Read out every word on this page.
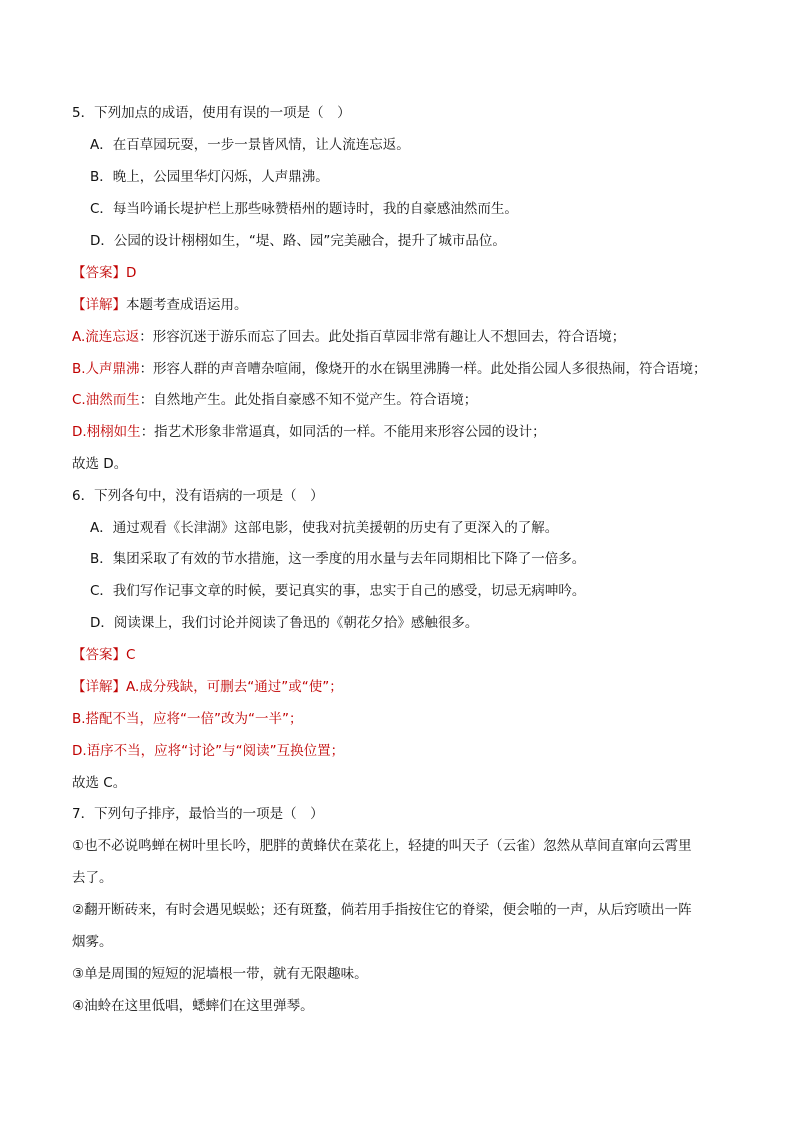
5．下列加点的成语，使用有误的一项是（　）
A．在百草园玩耍，一步一景皆风情，让人流连忘返。
B．晚上，公园里华灯闪烁，人声鼎沸。
C．每当吟诵长堤护栏上那些咏赞梧州的题诗时，我的自豪感油然而生。
D．公园的设计栩栩如生，“堤、路、园”完美融合，提升了城市品位。
【答案】D
【详解】本题考查成语运用。
A.流连忘返：形容沉迷于游乐而忘了回去。此处指百草园非常有趣让人不想回去，符合语境；
B.人声鼎沸：形容人群的声音嘈杂喧闹，像烧开的水在锅里沸腾一样。此处指公园人多很热闹，符合语境；
C.油然而生：自然地产生。此处指自豪感不知不觉产生。符合语境；
D.栩栩如生：指艺术形象非常逼真，如同活的一样。不能用来形容公园的设计；
故选 D。
6．下列各句中，没有语病的一项是（　）
A．通过观看《长津湖》这部电影，使我对抗美援朝的历史有了更深入的了解。
B．集团采取了有效的节水措施，这一季度的用水量与去年同期相比下降了一倍多。
C．我们写作记事文章的时候，要记真实的事，忠实于自己的感受，切忌无病呻吟。
D．阅读课上，我们讨论并阅读了鲁迅的《朝花夕拾》感触很多。
【答案】C
【详解】A.成分残缺，可删去“通过”或“使”；
B.搭配不当，应将“一倍”改为“一半”；
D.语序不当，应将“讨论”与“阅读”互换位置；
故选 C。
7．下列句子排序，最恰当的一项是（　）
①也不必说鸣蝉在树叶里长吟，肥胖的黄蜂伏在菜花上，轻捷的叫天子（云雀）忽然从草间直窜向云霄里
去了。
②翻开断砖来，有时会遇见蜈蚣；还有斑蝥，倘若用手指按住它的脊梁，便会啪的一声，从后窍喷出一阵
烟雾。
③单是周围的短短的泥墙根一带，就有无限趣味。
④油蛉在这里低唱，蟋蟀们在这里弹琴。
